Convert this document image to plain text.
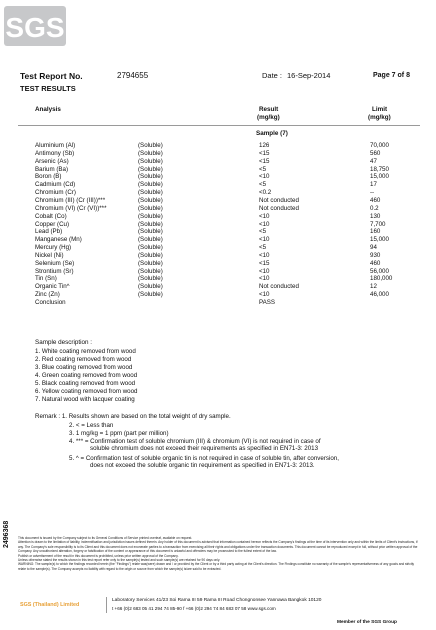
SGS
Test Report No.	2794655	Date : 16-Sep-2014	Page 7 of 8
TEST RESULTS
Analysis	Result
(mg/kg)
Limit
(mg/kg)
Sample (7)
Aluminium (Al)	(Soluble)	126	70,000
Antimony (Sb)	(Soluble)	<15	560
Arsenic (As)	(Soluble)	<15	47
Barium (Ba)	(Soluble)	<5	18,750
Boron (B)	(Soluble)	<10	15,000
Cadmium (Cd)	(Soluble)	<5	17
Chromium (Cr)	(Soluble)	<0.2	--
Chromium (III) (Cr (III))***	(Soluble)	Not conducted	460
Chromium (VI) (Cr (VI))***	(Soluble)	Not conducted	0.2
Cobalt (Co)	(Soluble)	<10	130
Copper (Cu)	(Soluble)	<10	7,700
Lead (Pb)	(Soluble)	<5	160
Manganese (Mn)	(Soluble)	<10	15,000
Mercury (Hg)	(Soluble)	<5	94
Nickel (Ni)	(Soluble)	<10	930
Selenium (Se)	(Soluble)	<15	460
Strontium (Sr)	(Soluble)	<10	56,000
Tin (Sn)	(Soluble)	<10	180,000
Organic Tin^	(Soluble)	Not conducted	12
Zinc (Zn)	(Soluble)	<10	46,000
Conclusion	PASS
Sample description :
1. White coating removed from wood
2. Red coating removed from wood
3. Blue coating removed from wood
4. Green coating removed from wood
5. Black coating removed from wood
6. Yellow coating removed from wood
7. Natural wood with lacquer coating
Remark : 1. Results shown are based on the total weight of dry sample.
2. < = Less than
3. 1 mg/kg = 1 ppm (part per million)
4. *** = Confirmation test of soluble chromium (III) & chromium (VI) is not required in case of
soluble chromium does not exceed their requirements as specified in EN71-3: 2013
5. ^ = Confirmation test of soluble organic tin is not required in case of soluble tin, after conversion,
does not exceed the soluble organic tin requirement as specified in EN71-3: 2013.
2496368	This document is issued by the Company subject to its General Conditions of Service printed overleaf, available on request.
Attention is drawn to the limitation of liability, indemnification and jurisdiction issues defined therein. Any holder of this document is advised that information contained hereon reflects the Company's findings at the time of its intervention only and within the limits of Client's instructions, if any. The Company's sole responsibility is to its Client and this document does not exonerate parties to a transaction from exercising all their rights and obligations under the transaction documents. This document cannot be reproduced except in full, without prior written approval of the Company. Any unauthorized alteration, forgery or falsification of the content or appearance of this document is unlawful and offenders may be prosecuted to the fullest extent of the law.
Publish or advertisement of the result in this document is prohibited, unless prior written approval of the Company.
Unless otherwise stated the results shown in this test report refer only to the sample(s) tested and such sample(s) are retained for 90 days only.
WARNING: The sample(s) to which the findings recorded herein (the "Findings") relate was(were) drawn and / or provided by the Client or by a third party acting at the Client's direction. The Findings constitute no warranty of the sample's representativeness of any goods and strictly relate to the sample(s). The Company accepts no liability with regard to the origin or source from which the sample(s) is/are said to be extracted.
SGS (Thailand) Limited
Laboratory Services 41/23 Soi Rama III 59 Rama III Road Chongnonsee Yannawa Bangkok 10120
t +66 (0)2 683 05 41 294 74 85-90 f +66 (0)2 294 74 84 683 07 58 www.sgs.com
Member of the SGS Group
